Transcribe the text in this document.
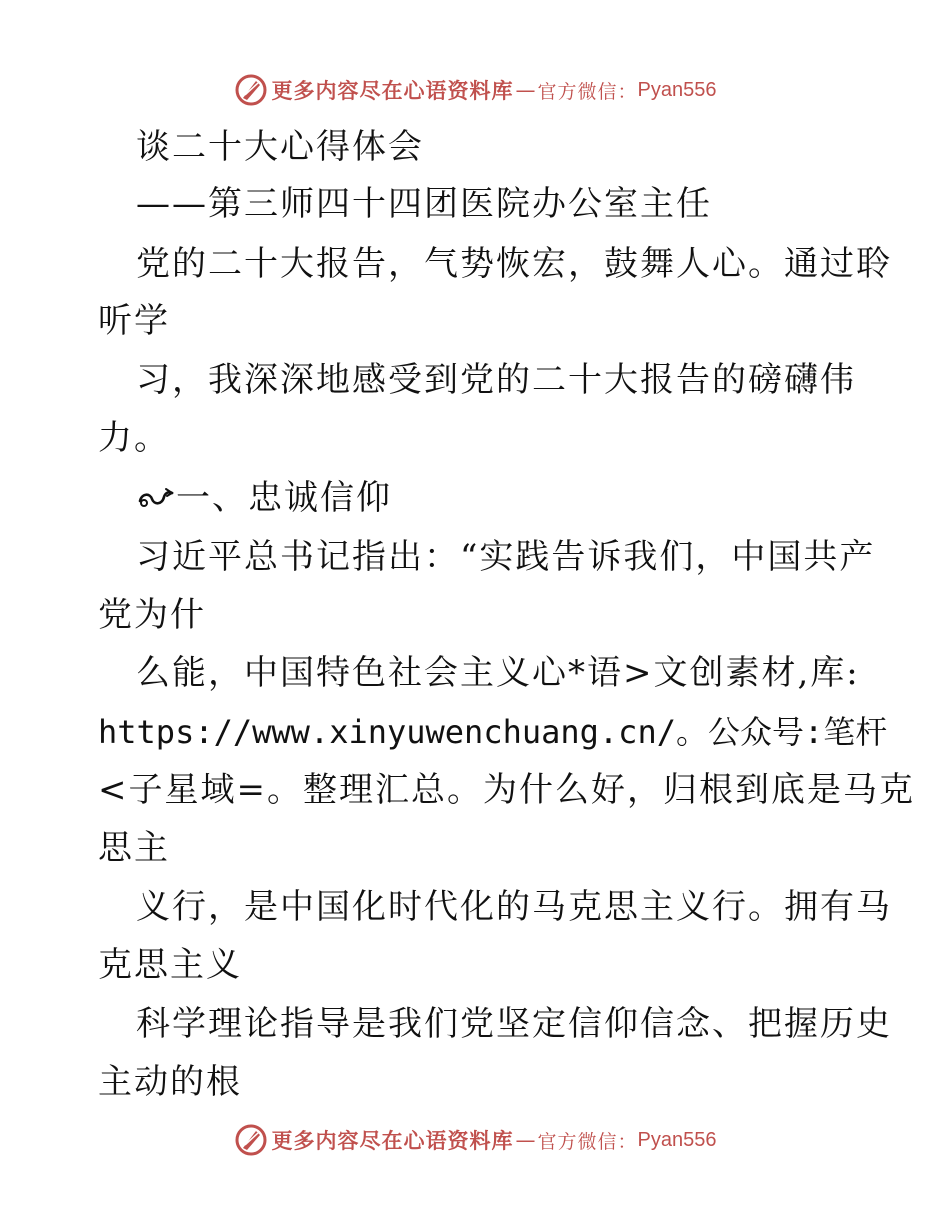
更多内容尽在心语资料库 — 官方微信： Pyan556
谈二十大心得体会
——第三师四十四团医院办公室主任
党的二十大报告，气势恢宏，鼓舞人心。通过聆
听学
习，我深深地感受到党的二十大报告的磅礴伟
力。
一、忠诚信仰
习近平总书记指出：“实践告诉我们，中国共产
党为什
么能，中国特色社会主义心*语>文创素材,库:
https://www.xinyuwenchuang.cn/。公众号:笔杆
<子星域=。整理汇总。为什么好，归根到底是马克
思主
义行，是中国化时代化的马克思主义行。拥有马
克思主义
科学理论指导是我们党坚定信仰信念、把握历史
主动的根
更多内容尽在心语资料库 — 官方微信： Pyan556
